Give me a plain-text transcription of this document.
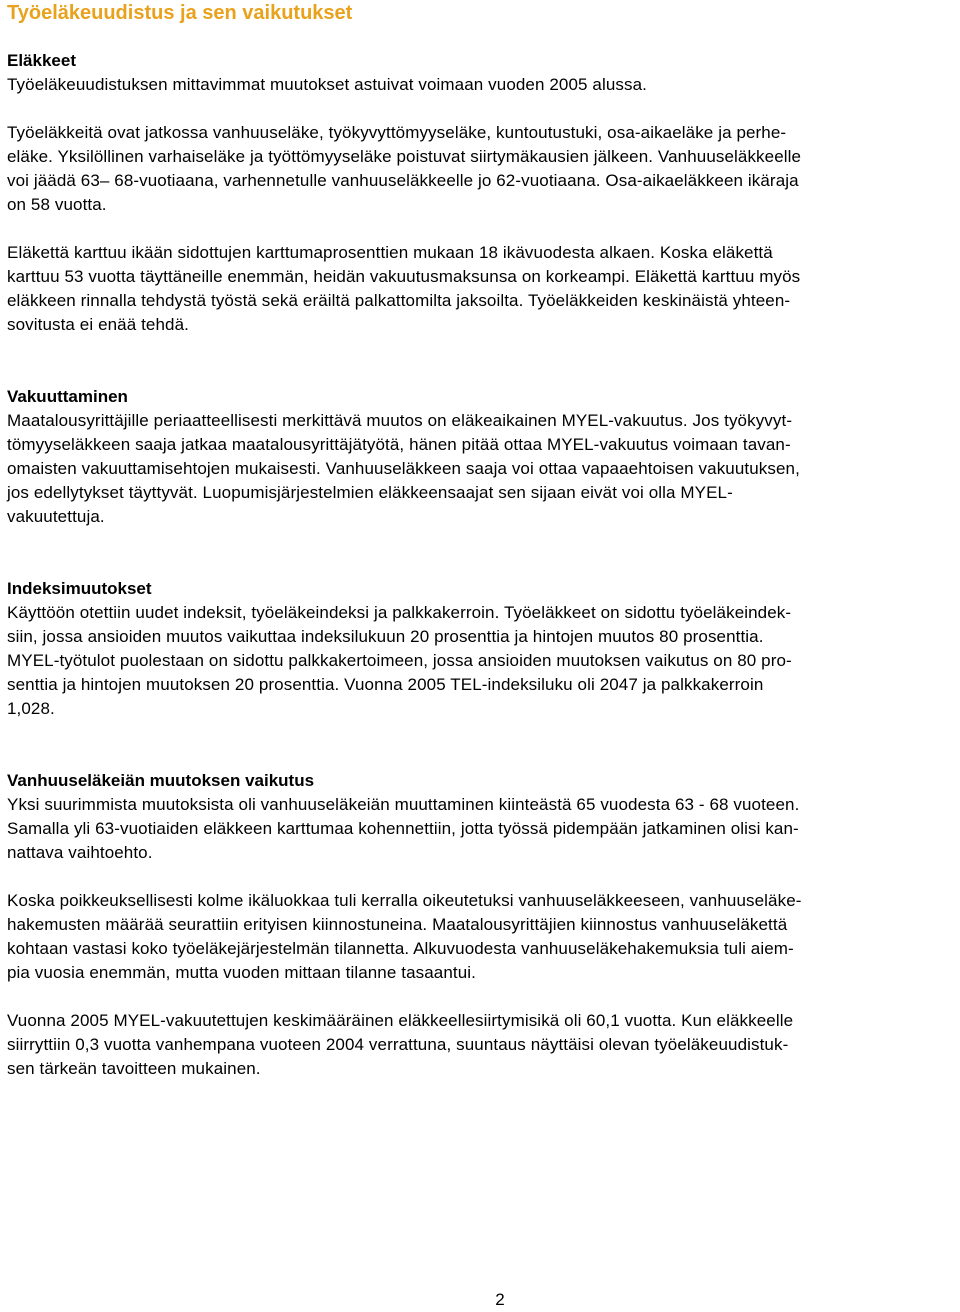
Työeläkeuudistus ja sen vaikutukset
Eläkkeet

Työeläkeuudistuksen mittavimmat muutokset astuivat voimaan vuoden 2005 alussa.

Työeläkkeitä ovat jatkossa vanhuuseläke, työkyvyttömyyseläke, kuntoutustuki, osa-aikaeläke ja perhe-
eläke. Yksilöllinen varhaiseläke ja työttömyyseläke poistuvat siirtymäkausien jälkeen. Vanhuuseläkkeelle
voi jäädä 63– 68-vuotiaana, varhennetulle vanhuuseläkkeelle jo 62-vuotiaana. Osa-aikaeläkkeen ikäraja
on 58 vuotta.

Eläkettä karttuu ikään sidottujen karttumaprosenttien mukaan 18 ikävuodesta alkaen. Koska eläkettä
karttuu 53 vuotta täyttäneille enemmän, heidän vakuutusmaksunsa on korkeampi. Eläkettä karttuu myös
eläkkeen rinnalla tehdystä työstä sekä eräiltä palkattomilta jaksoilta. Työeläkkeiden keskinäistä yhteen-
sovitusta ei enää tehdä.

Vakuuttaminen

Maatalousyrittäjille periaatteellisesti merkittävä muutos on eläkeaikainen MYEL-vakuutus. Jos työkyvyt-
tömyyseläkkeen saaja jatkaa maatalousyrittäjätyötä, hänen pitää ottaa MYEL-vakuutus voimaan tavan-
omaisten vakuuttamisehtojen mukaisesti. Vanhuuseläkkeen saaja voi ottaa vapaaehtoisen vakuutuksen,
jos edellytykset täyttyvät. Luopumisjärjestelmien eläkkeensaajat sen sijaan eivät voi olla MYEL-
vakuutettuja.

Indeksimuutokset

Käyttöön otettiin uudet indeksit, työeläkeindeksi ja palkkakerroin. Työeläkkeet on sidottu työeläkeindek-
siin, jossa ansioiden muutos vaikuttaa indeksilukuun 20 prosenttia ja hintojen muutos 80 prosenttia.
MYEL-työtulot puolestaan on sidottu palkkakertoimeen, jossa ansioiden muutoksen vaikutus on 80 pro-
senttia ja hintojen muutoksen 20 prosenttia. Vuonna 2005 TEL-indeksiluku oli 2047 ja palkkakerroin
1,028.

Vanhuuseläkeiän muutoksen vaikutus

Yksi suurimmista muutoksista oli vanhuuseläkeiän muuttaminen kiinteästä 65 vuodesta 63 - 68 vuoteen.
Samalla yli 63-vuotiaiden eläkkeen karttumaa kohennettiin, jotta työssä pidempään jatkaminen olisi kan-
nattava vaihtoehto.

Koska poikkeuksellisesti kolme ikäluokkaa tuli kerralla oikeutetuksi vanhuuseläkkeeseen, vanhuuseläke-
hakemusten määrää seurattiin erityisen kiinnostuneina. Maatalousyrittäjien kiinnostus vanhuuseläkettä
kohtaan vastasi koko työeläkejärjestelmän tilannetta. Alkuvuodesta vanhuuseläkehakemuksia tuli aiem-
pia vuosia enemmän, mutta vuoden mittaan tilanne tasaantui.

Vuonna 2005 MYEL-vakuutettujen keskimääräinen eläkkeellesiirtymisikä oli 60,1 vuotta. Kun eläkkeelle
siirryttiin 0,3 vuotta vanhempana vuoteen 2004 verrattuna, suuntaus näyttäisi olevan työeläkeuudistuk-
sen tärkeän tavoitteen mukainen.

2
